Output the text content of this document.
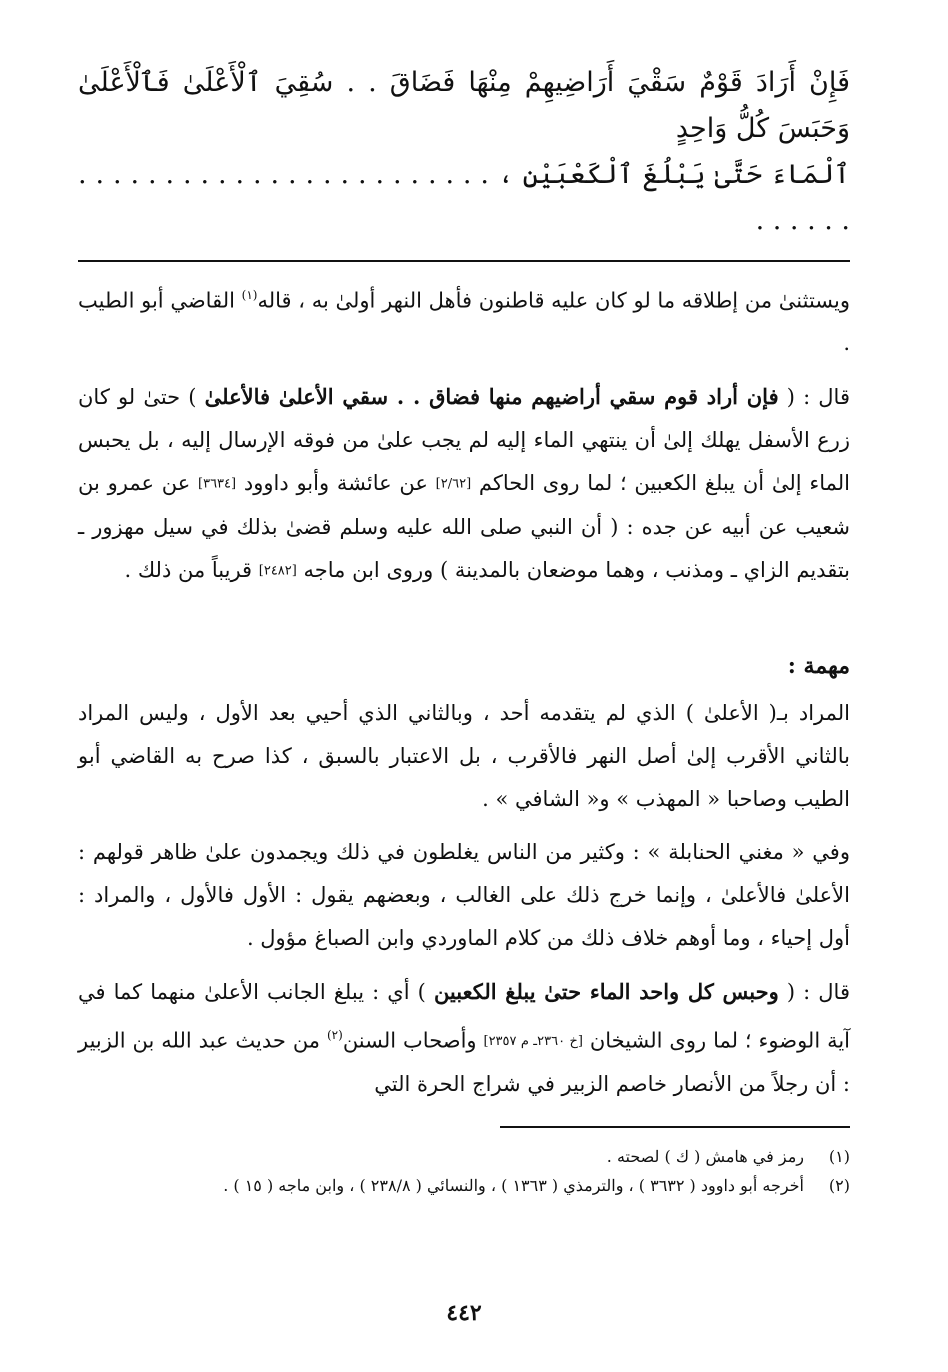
فَإِنْ أَرَادَ قَوْمٌ سَقْيَ أَرَاضِيهِمْ مِنْهَا فَضَاقَ . . سُقِيَ ٱلْأَعْلَىٰ فَٱلْأَعْلَىٰ وَحَبَسَ كُلُّ وَاحِدٍ
ٱلْمَاءَ حَتَّىٰ يَبْلُغَ ٱلْكَعْبَيْنِ ، . . . . . . . . . . . . . . . . . . . . . . . . . . . . . .

ويستثنىٰ من إطلاقه ما لو كان عليه قاطنون فأهل النهر أولىٰ به ، قاله$^{(١)}$ القاضي أبو الطيب .

قال : ( فإن أراد قوم سقي أراضيهم منها فضاق . . سقي الأعلىٰ فالأعلىٰ ) حتىٰ لو كان زرع الأسفل يهلك إلىٰ أن ينتهي الماء إليه لم يجب علىٰ من فوقه الإرسال إليه ، بل يحبس الماء إلىٰ أن يبلغ الكعبين ؛ لما روى الحاكم [٢/٦٢] عن عائشة وأبو داوود [٣٦٣٤] عن عمرو بن شعيب عن أبيه عن جده : ( أن النبي صلى الله عليه وسلم قضىٰ بذلك في سيل مهزور ـ بتقديم الزاي ـ ومذنب ، وهما موضعان بالمدينة ) وروى ابن ماجه [٢٤٨٢] قريباً من ذلك .

مهمة :

المراد بـ( الأعلىٰ ) الذي لم يتقدمه أحد ، وبالثاني الذي أحيي بعد الأول ، وليس المراد بالثاني الأقرب إلىٰ أصل النهر فالأقرب ، بل الاعتبار بالسبق ، كذا صرح به القاضي أبو الطيب وصاحبا « المهذب » و« الشافي » .

وفي « مغني الحنابلة » : وكثير من الناس يغلطون في ذلك ويجمدون علىٰ ظاهر قولهم : الأعلىٰ فالأعلىٰ ، وإنما خرج ذلك على الغالب ، وبعضهم يقول : الأول فالأول ، والمراد : أول إحياء ، وما أوهم خلاف ذلك من كلام الماوردي وابن الصباغ مؤول .

قال : ( وحبس كل واحد الماء حتىٰ يبلغ الكعبين ) أي : يبلغ الجانب الأعلىٰ منهما كما في آية الوضوء ؛ لما روى الشيخان [خ ٢٣٦٠ـ م ٢٣٥٧] وأصحاب السنن$^{(٢)}$ من حديث عبد الله بن الزبير : أن رجلاً من الأنصار خاصم الزبير في شراج الحرة التي

(١)
رمز في هامش ( ك ) لصحته .

(٢)
أخرجه أبو داوود ( ٣٦٣٢ ) ، والترمذي ( ١٣٦٣ ) ، والنسائي ( ٢٣٨/٨ ) ، وابن ماجه ( ١٥ ) .

٤٤٢
